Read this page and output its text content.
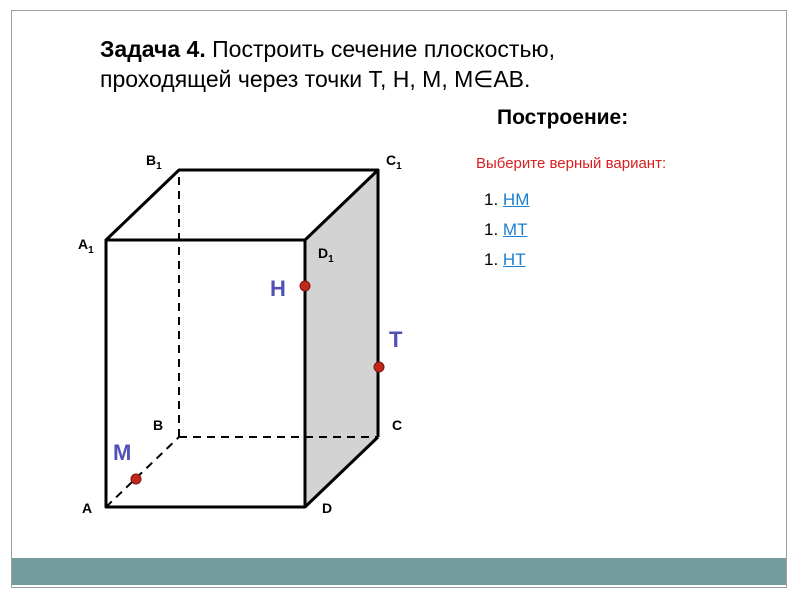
Задача 4. Построить сечение плоскостью,
проходящей через точки Т, Н, М, М∈АВ.
Построение:
Выберите верный вариант:
1. НМ
1. МТ
1. НТ
$B_1$	$C_1$
$A_1$	$D_1$
B	C
A	D
Н
Т
М
